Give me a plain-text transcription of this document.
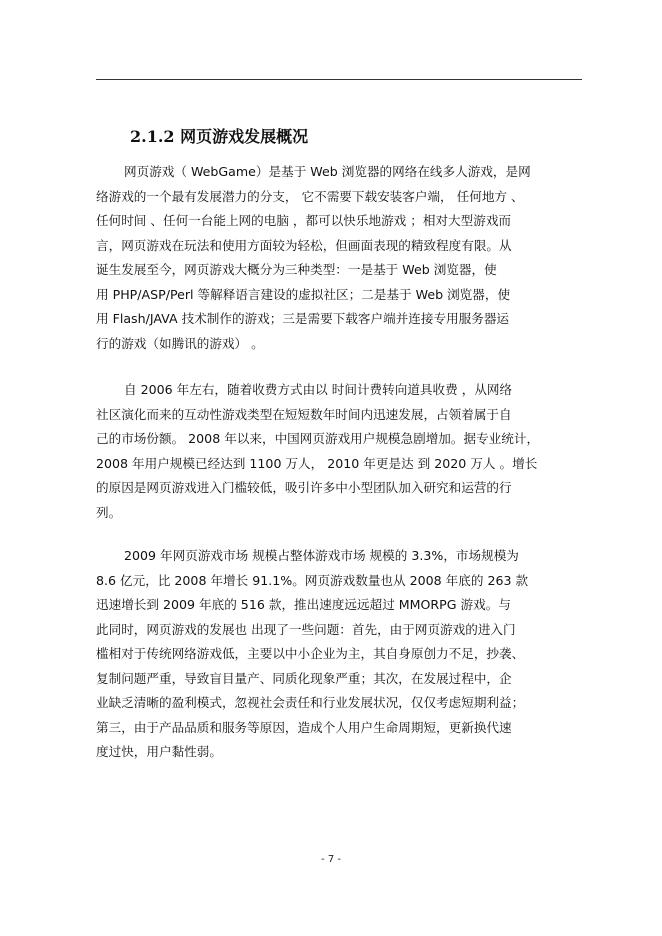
2.1.2 网页游戏发展概况
网页游戏（ WebGame）是基于 Web 浏览器的网络在线多人游戏，是网
络游戏的一个最有发展潜力的分支， 它不需要下载安装客户端， 任何地方 、
任何时间 、任何一台能上网的电脑 ，都可以快乐地游戏 ；相对大型游戏而
言，网页游戏在玩法和使用方面较为轻松，但画面表现的精致程度有限。从
诞生发展至今，网页游戏大概分为三种类型：一是基于 Web 浏览器，使
用 PHP/ASP/Perl 等解释语言建设的虚拟社区；二是基于 Web 浏览器，使
用 Flash/JAVA 技术制作的游戏；三是需要下载客户端并连接专用服务器运
行的游戏（如腾讯的游戏） 。
自 2006 年左右，随着收费方式由以 时间计费转向道具收费 ，从网络
社区演化而来的互动性游戏类型在短短数年时间内迅速发展，占领着属于自
己的市场份额。 2008 年以来，中国网页游戏用户规模急剧增加。据专业统计，
2008 年用户规模已经达到 1100 万人， 2010 年更是达 到 2020 万人 。增长
的原因是网页游戏进入门槛较低，吸引许多中小型团队加入研究和运营的行
列。
2009 年网页游戏市场 规模占整体游戏市场 规模的 3.3%，市场规模为
8.6 亿元，比 2008 年增长 91.1%。网页游戏数量也从 2008 年底的 263 款
迅速增长到 2009 年底的 516 款，推出速度远远超过 MMORPG 游戏。与
此同时，网页游戏的发展也 出现了一些问题：首先，由于网页游戏的进入门
槛相对于传统网络游戏低，主要以中小企业为主，其自身原创力不足，抄袭、
复制问题严重，导致盲目量产、同质化现象严重；其次，在发展过程中，企
业缺乏清晰的盈利模式，忽视社会责任和行业发展状况，仅仅考虑短期利益；
第三，由于产品品质和服务等原因，造成个人用户生命周期短，更新换代速
度过快，用户黏性弱。
- 7 -
